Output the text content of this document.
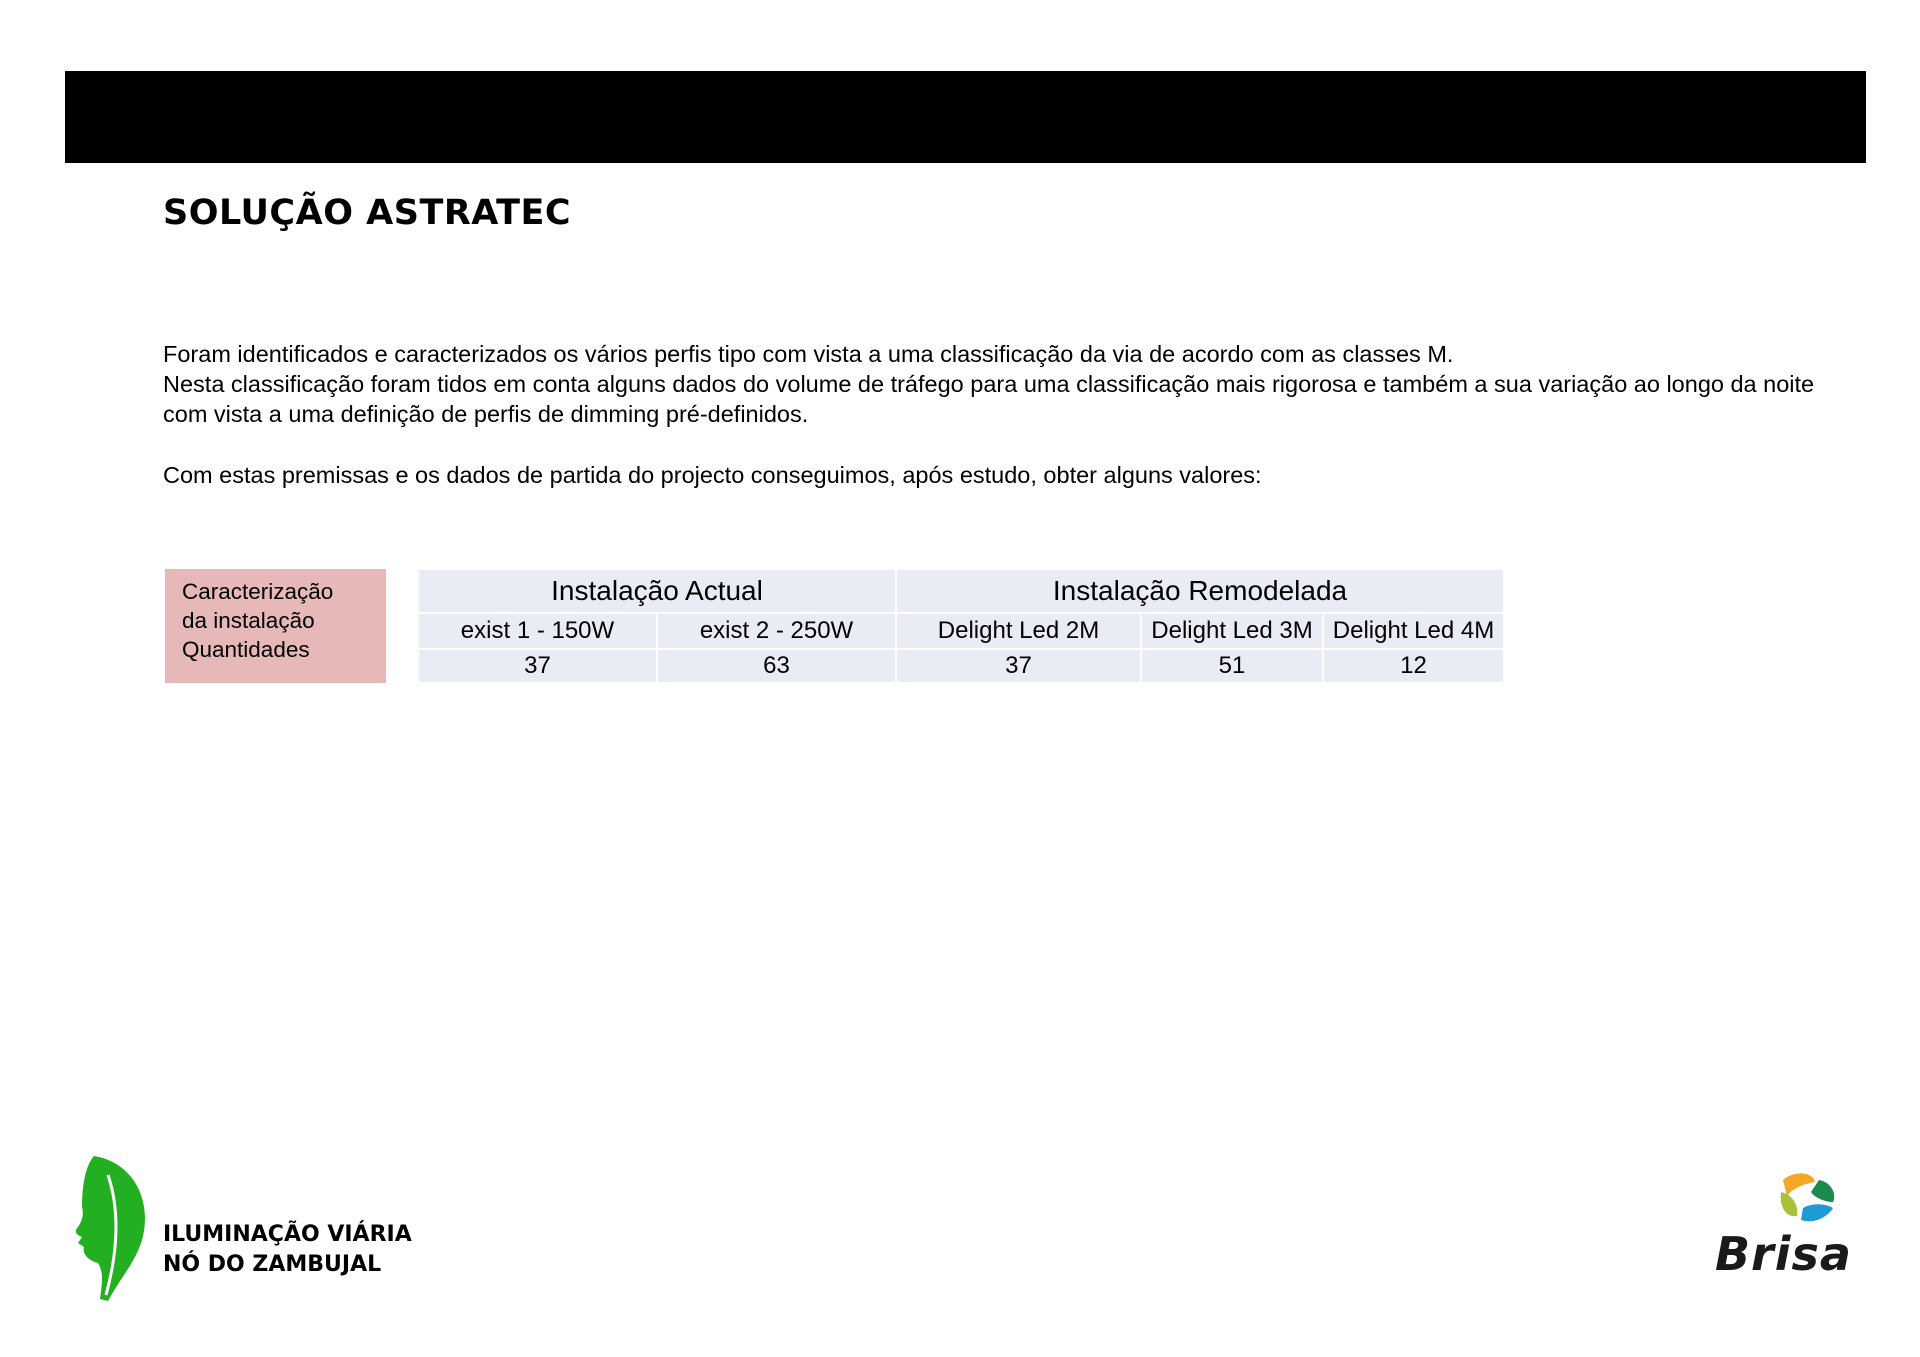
SOLUÇÃO ASTRATEC

Foram identificados e caracterizados os vários perfis tipo com vista a uma classificação da via de acordo com as classes M.

Nesta classificação foram tidos em conta alguns dados do volume de tráfego para uma classificação mais rigorosa e também a sua variação ao longo da noite com vista a uma definição de perfis de dimming pré-definidos.

Com estas premissas e os dados de partida do projecto conseguimos, após estudo, obter alguns valores:

Caracterização
da instalação
Quantidades
Instalação Actual		Instalação Remodelada		
exist 1 - 150W	exist 2 - 250W	Delight Led 2M	Delight Led 3M	Delight Led 4M
37	63	37	51	12
ILUMINAÇÃO VIÁRIA
NÓ DO ZAMBUJAL	Brisa
